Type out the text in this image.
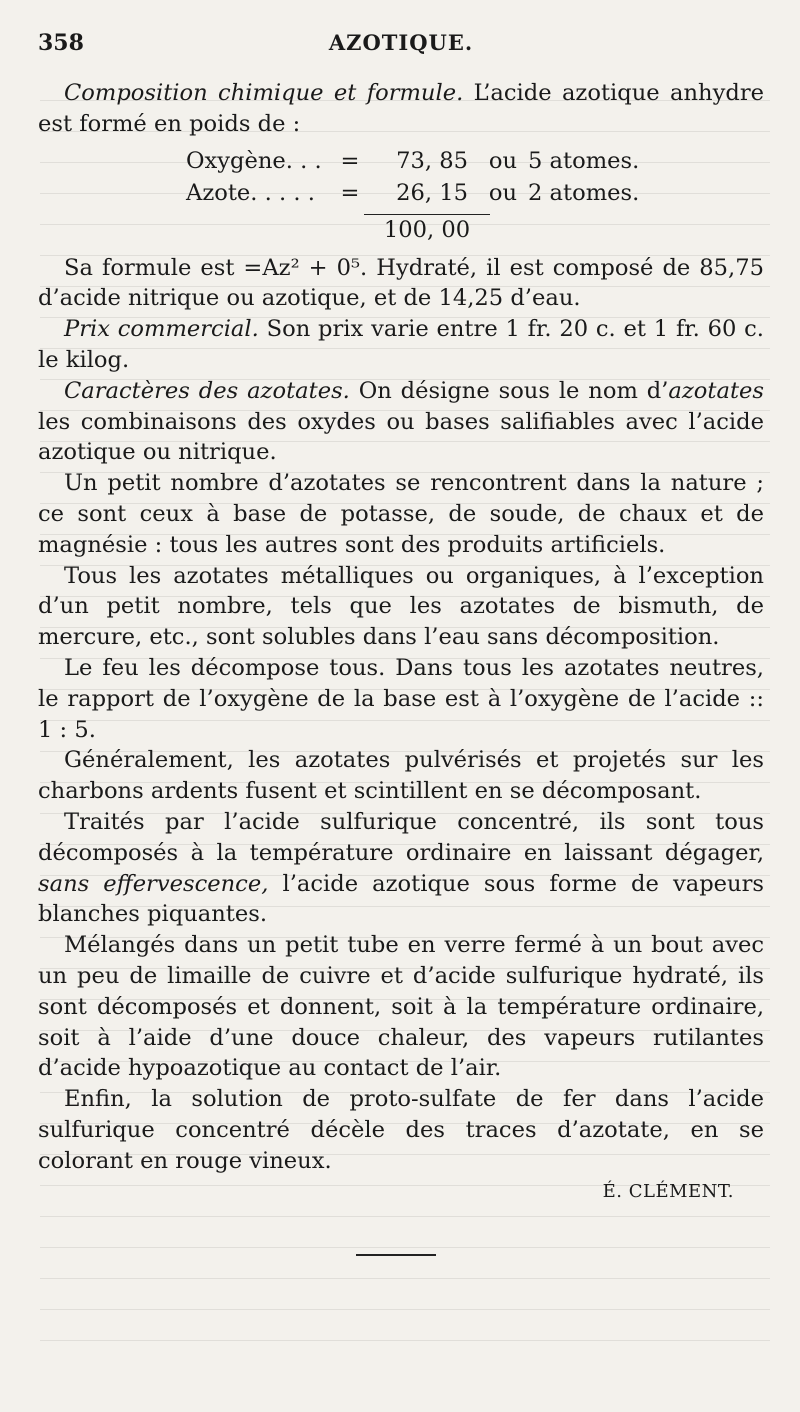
358	AZOTIQUE.

Composition chimique et formule. L’acide azotique anhydre est formé en poids de :

Oxygène. . . =	73, 85 ou 5 atomes.
Azote. . . . .	=	26, 15 ou 2 atomes.
100, 00

Sa formule est =Az² + 0⁵. Hydraté, il est composé de 85,75 d’acide nitrique ou azotique, et de 14,25 d’eau.

Prix commercial. Son prix varie entre 1 fr. 20 c. et 1 fr. 60 c. le kilog.

Caractères des azotates. On désigne sous le nom d’azotates les combinaisons des oxydes ou bases salifiables avec l’acide azotique ou nitrique.

Un petit nombre d’azotates se rencontrent dans la nature ; ce sont ceux à base de potasse, de soude, de chaux et de magnésie : tous les autres sont des produits artificiels.

Tous les azotates métalliques ou organiques, à l’exception d’un petit nombre, tels que les azotates de bismuth, de mercure, etc., sont solubles dans l’eau sans décomposition.

Le feu les décompose tous. Dans tous les azotates neutres, le rapport de l’oxygène de la base est à l’oxygène de l’acide :: 1 : 5.

Généralement, les azotates pulvérisés et projetés sur les charbons ardents fusent et scintillent en se décomposant.

Traités par l’acide sulfurique concentré, ils sont tous décomposés à la température ordinaire en laissant dégager, sans effervescence, l’acide azotique sous forme de vapeurs blanches piquantes.

Mélangés dans un petit tube en verre fermé à un bout avec un peu de limaille de cuivre et d’acide sulfurique hydraté, ils sont décomposés et donnent, soit à la température ordinaire, soit à l’aide d’une douce chaleur, des vapeurs rutilantes d’acide hypoazotique au contact de l’air.

Enfin, la solution de proto-sulfate de fer dans l’acide sulfurique concentré décèle des traces d’azotate, en se colorant en rouge vineux.

É. CLÉMENT.
